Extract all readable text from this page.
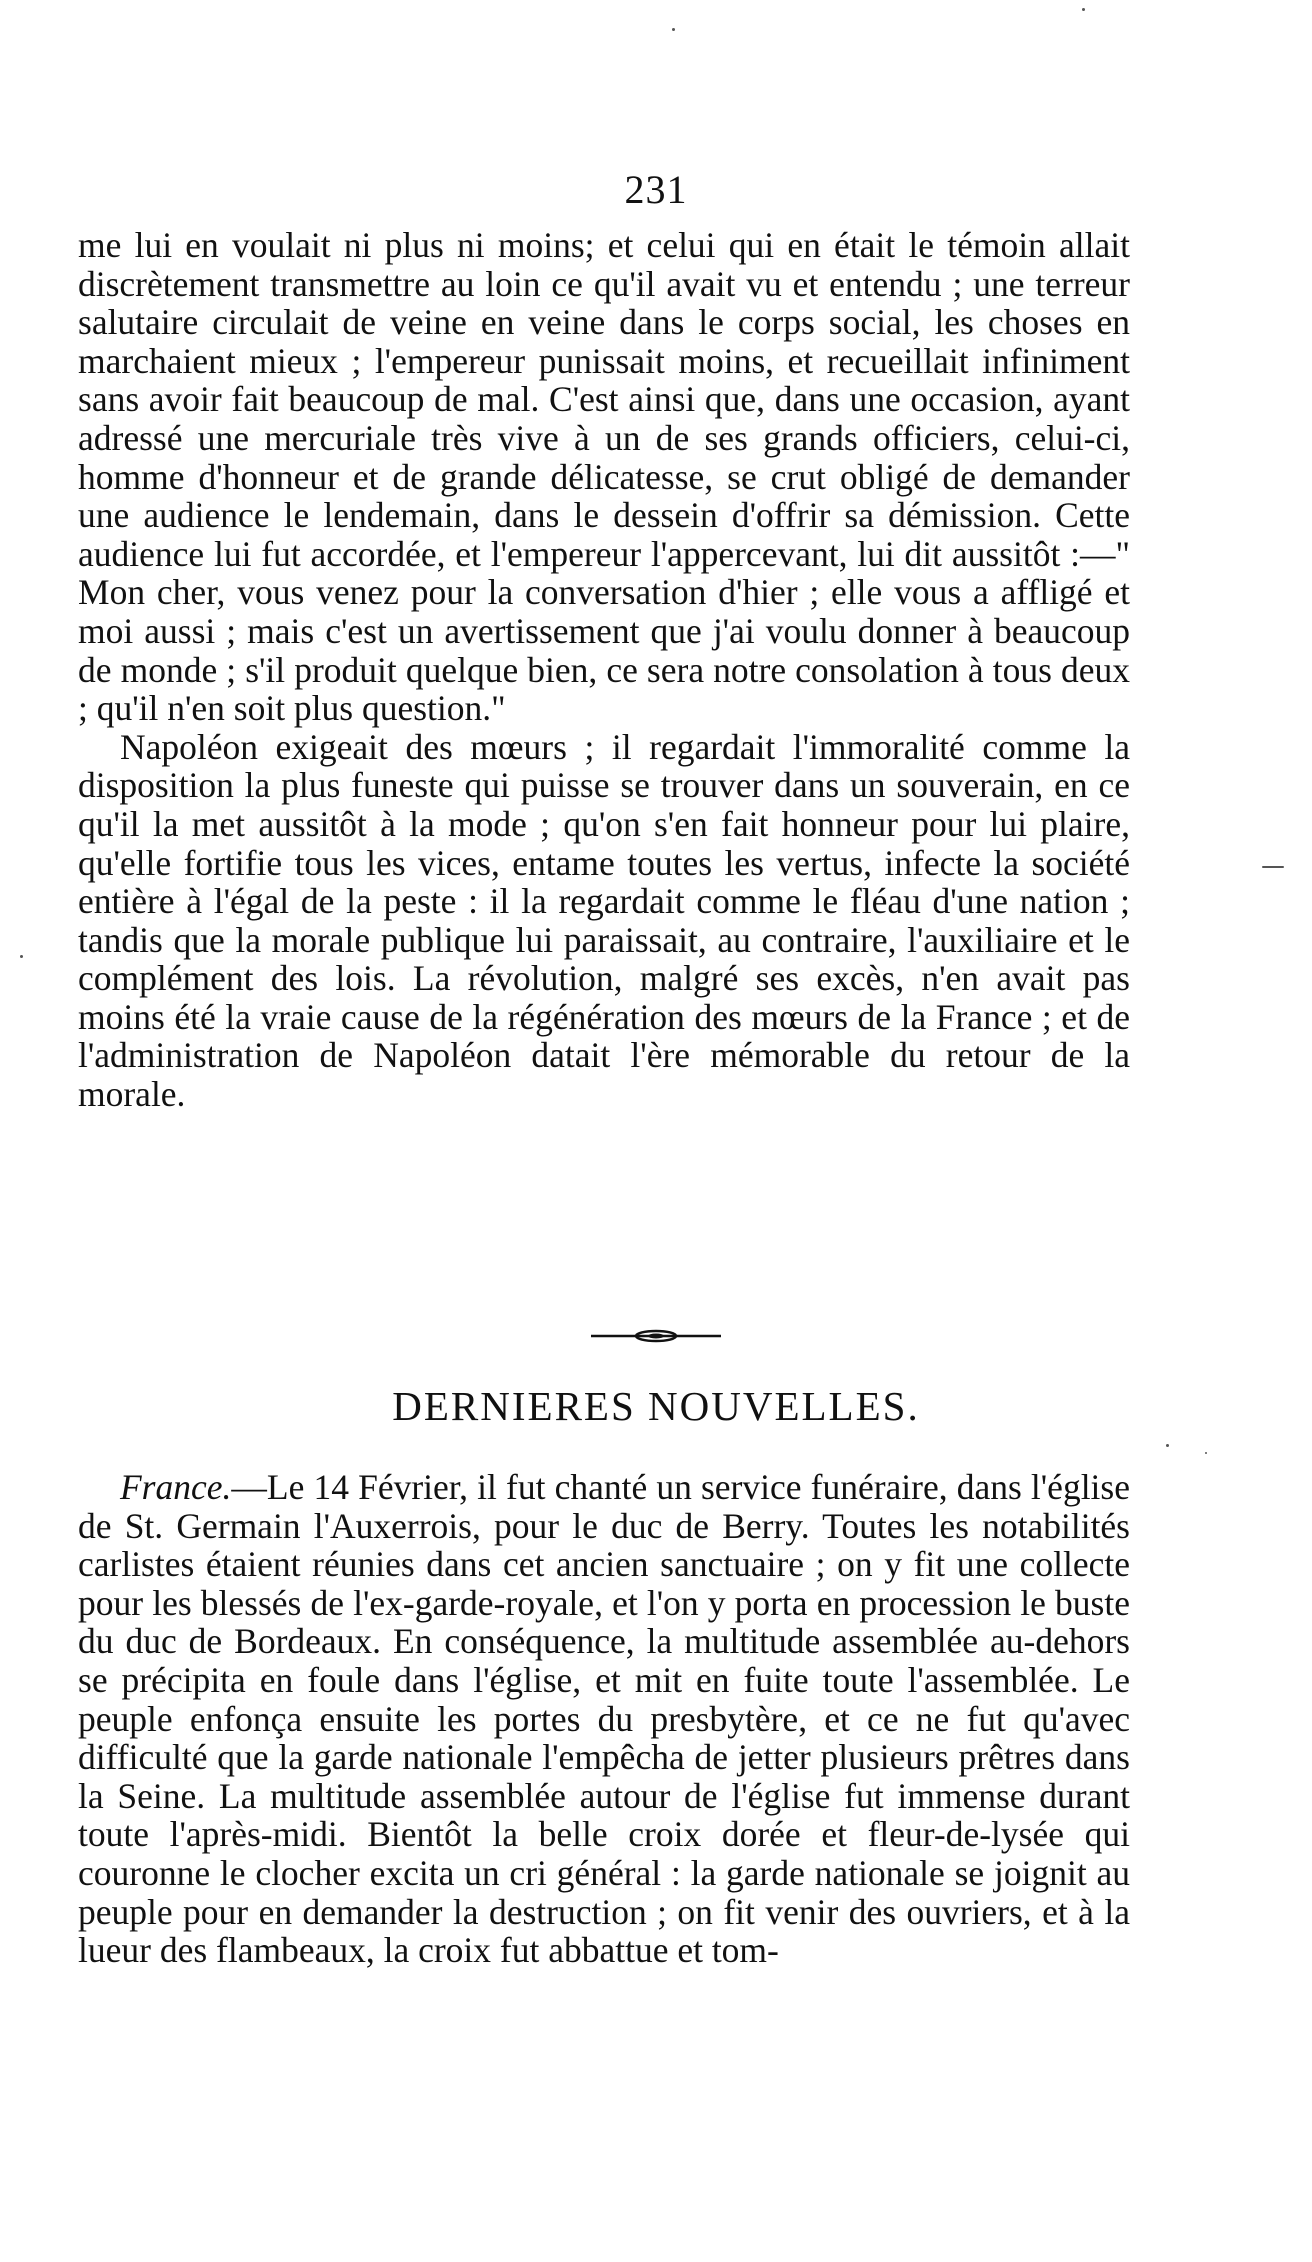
231

me lui en voulait ni plus ni moins; et celui qui en était le témoin allait discrètement transmettre au loin ce qu'il avait vu et entendu ; une terreur salutaire circulait de veine en veine dans le corps social, les choses en marchaient mieux ; l'empereur punissait moins, et recueillait infiniment sans avoir fait beaucoup de mal. C'est ainsi que, dans une occasion, ayant adressé une mercuriale très vive à un de ses grands officiers, celui-ci, homme d'honneur et de grande délicatesse, se crut obligé de demander une audience le lendemain, dans le dessein d'offrir sa démission. Cette audience lui fut accordée, et l'empereur l'appercevant, lui dit aussitôt :—" Mon cher, vous venez pour la conversation d'hier ; elle vous a affligé et moi aussi ; mais c'est un avertissement que j'ai voulu donner à beaucoup de monde ; s'il produit quelque bien, ce sera notre consolation à tous deux ; qu'il n'en soit plus question."

Napoléon exigeait des mœurs ; il regardait l'immoralité comme la disposition la plus funeste qui puisse se trouver dans un souverain, en ce qu'il la met aussitôt à la mode ; qu'on s'en fait honneur pour lui plaire, qu'elle fortifie tous les vices, entame toutes les vertus, infecte la société entière à l'égal de la peste : il la regardait comme le fléau d'une nation ; tandis que la morale publique lui paraissait, au contraire, l'auxiliaire et le complément des lois. La révolution, malgré ses excès, n'en avait pas moins été la vraie cause de la régénération des mœurs de la France ; et de l'administration de Napoléon datait l'ère mémorable du retour de la morale.

DERNIERES NOUVELLES.

France.—Le 14 Février, il fut chanté un service funéraire, dans l'église de St. Germain l'Auxerrois, pour le duc de Berry. Toutes les notabilités carlistes étaient réunies dans cet ancien sanctuaire ; on y fit une collecte pour les blessés de l'ex-garde-royale, et l'on y porta en procession le buste du duc de Bordeaux. En conséquence, la multitude assemblée au-dehors se précipita en foule dans l'église, et mit en fuite toute l'assemblée. Le peuple enfonça ensuite les portes du presbytère, et ce ne fut qu'avec difficulté que la garde nationale l'empêcha de jetter plusieurs prêtres dans la Seine. La multitude assemblée autour de l'église fut immense durant toute l'après-midi. Bientôt la belle croix dorée et fleur-de-lysée qui couronne le clocher excita un cri général : la garde nationale se joignit au peuple pour en demander la destruction ; on fit venir des ouvriers, et à la lueur des flambeaux, la croix fut abbattue et tom-
